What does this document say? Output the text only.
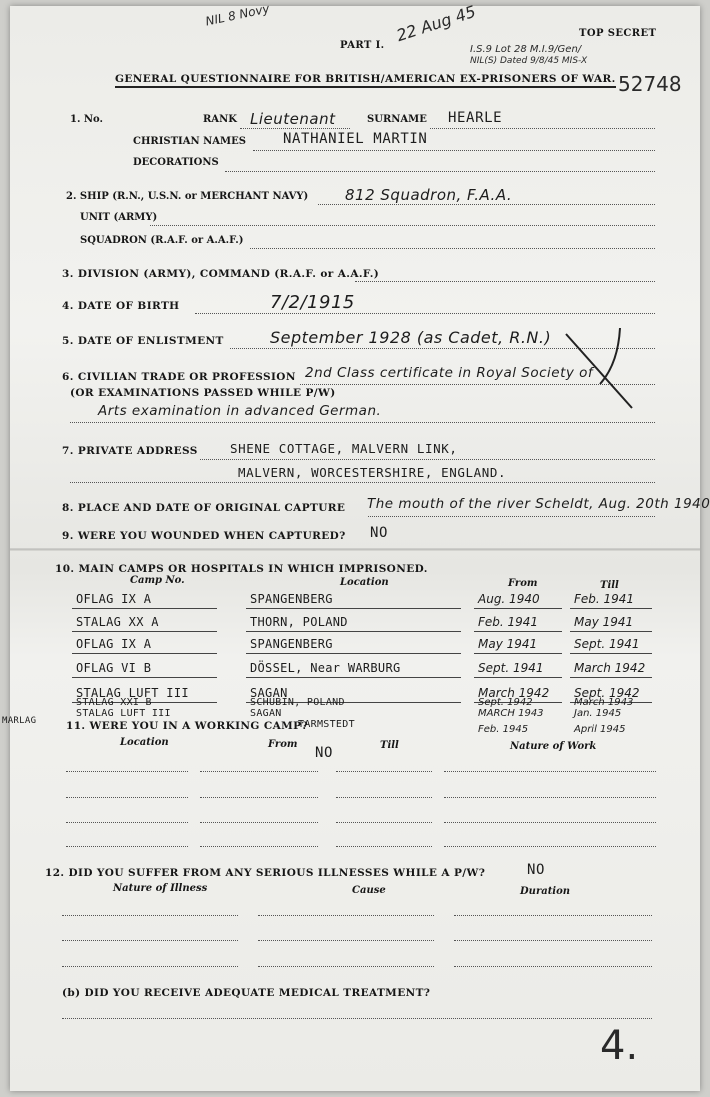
NIL 8 Novy	22 Aug 45
PART I.
TOP SECRET
I.S.9 Lot 28 M.I.9/Gen/
NIL(S) Dated 9/8/45 MIS-X
GENERAL QUESTIONNAIRE FOR BRITISH/AMERICAN EX-PRISONERS OF WAR. 52748
1. No.	RANK Lieutenant	SURNAME HEARLE
CHRISTIAN NAMES	NATHANIEL MARTIN
DECORATIONS
2. SHIP (R.N., U.S.N. or MERCHANT NAVY) 812 Squadron, F.A.A.
UNIT (ARMY)
SQUADRON (R.A.F. or A.A.F.)
3. DIVISION (ARMY), COMMAND (R.A.F. or A.A.F.)
4. DATE OF BIRTH	7/2/1915
5. DATE OF ENLISTMENT	September 1928 (as Cadet, R.N.)
6. CIVILIAN TRADE OR PROFESSION
(OR EXAMINATIONS PASSED WHILE P/W)
2nd Class certificate in Royal Society of
Arts examination in advanced German.
7. PRIVATE ADDRESS	SHENE COTTAGE, MALVERN LINK,
MALVERN, WORCESTERSHIRE, ENGLAND.
8. PLACE AND DATE OF ORIGINAL CAPTURE The mouth of the river Scheldt, Aug. 20th 1940
9. WERE YOU WOUNDED WHEN CAPTURED? NO
10. MAIN CAMPS OR HOSPITALS IN WHICH IMPRISONED.
Camp No.	Location	From	Till
OFLAG IX A	SPANGENBERG	Aug. 1940	Feb. 1941
STALAG XX A	THORN, POLAND	Feb. 1941	May 1941
OFLAG IX A	SPANGENBERG	May 1941	Sept. 1941
OFLAG VI B	DÖSSEL, Near WARBURG	Sept. 1941	March 1942
STALAG LUFT III	SAGAN	March 1942 Sept. 1942
STALAG XXI B	SCHUBIN, POLAND	Sept. 1942	March 1943
STALAG LUFT III	SAGAN	MARCH 1943	Jan. 1945
MARLAG	TARMSTEDT	Feb. 1945	April 1945
11. WERE YOU IN A WORKING CAMP?
NO
Location	From	Till	Nature of Work
12. DID YOU SUFFER FROM ANY SERIOUS ILLNESSES WHILE A P/W?	NO
Nature of Illness	Cause	Duration
(b) DID YOU RECEIVE ADEQUATE MEDICAL TREATMENT?
4.
